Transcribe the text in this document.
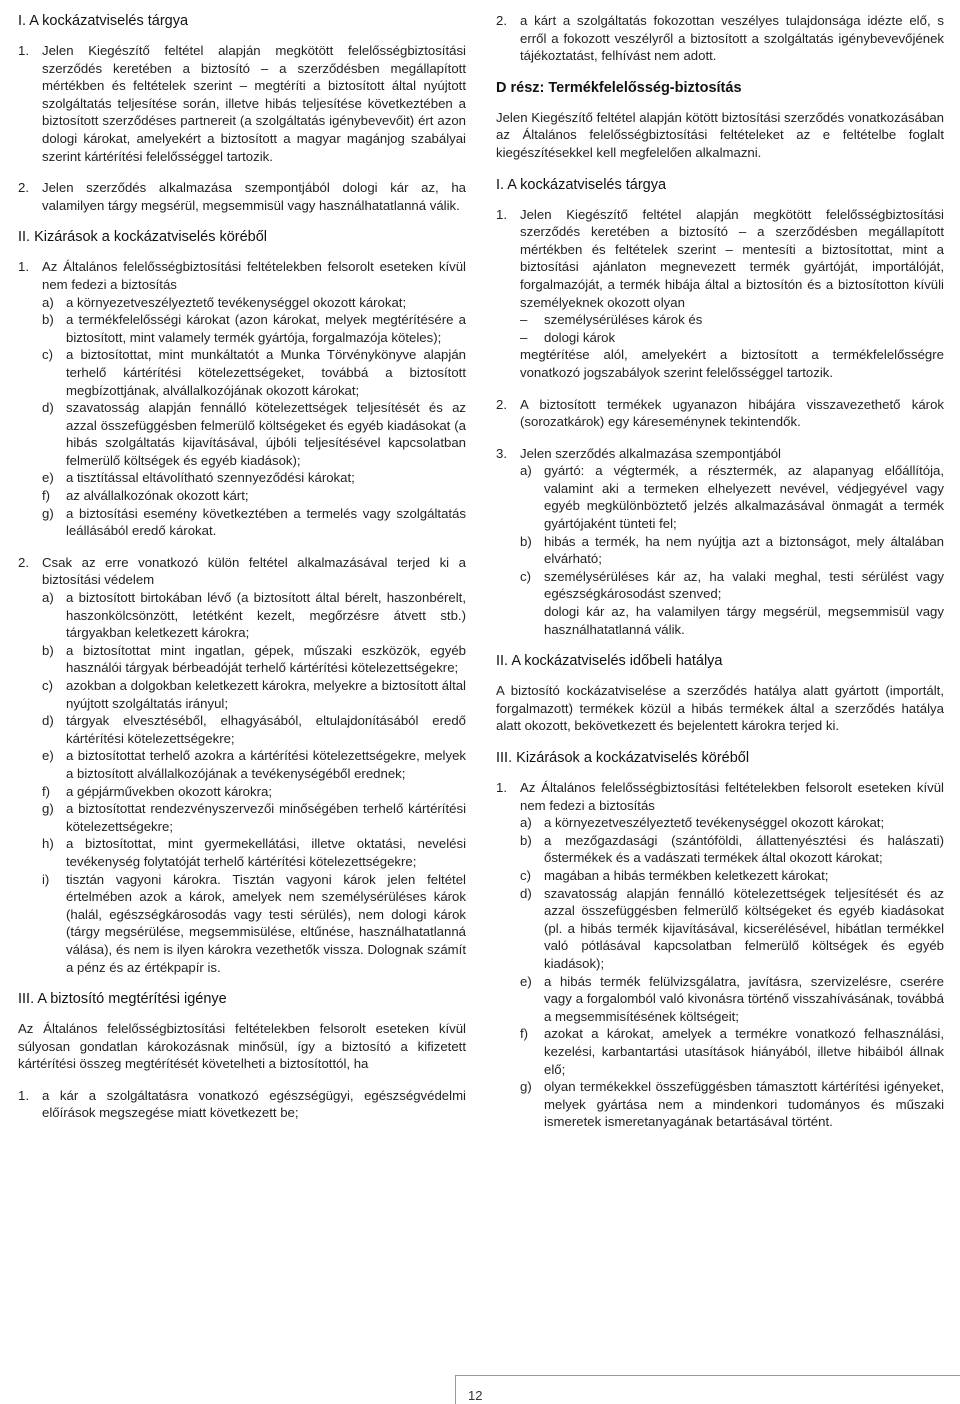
I. A kockázatviselés tárgya
1. Jelen Kiegészítő feltétel alapján megkötött felelősségbiztosítási szerződés keretében a biztosító – a szerződésben megállapított mértékben és feltételek szerint – megtéríti a biztosított által nyújtott szolgáltatás teljesítése során, illetve hibás teljesítése következtében a biztosított szerződéses partnereit (a szolgáltatás igénybevevőit) ért azon dologi károkat, amelyekért a biztosított a magyar magánjog szabályai szerint kártérítési felelősséggel tartozik.
2. Jelen szerződés alkalmazása szempontjából dologi kár az, ha valamilyen tárgy megsérül, megsemmisül vagy használhatatlanná válik.
II. Kizárások a kockázatviselés köréből
1. Az Általános felelősségbiztosítási feltételekben felsorolt eseteken kívül nem fedezi a biztosítás
a) a környezetveszélyeztető tevékenységgel okozott károkat;
b) a termékfelelősségi károkat (azon károkat, melyek megtérítésére a biztosított, mint valamely termék gyártója, forgalmazója köteles);
c) a biztosítottat, mint munkáltatót a Munka Törvénykönyve alapján terhelő kártérítési kötelezettségeket, továbbá a biztosított megbízottjának, alvállalkozójának okozott károkat;
d) szavatosság alapján fennálló kötelezettségek teljesítését és az azzal összefüggésben felmerülő költségeket és egyéb kiadásokat (a hibás szolgáltatás kijavításával, újbóli teljesítésével kapcsolatban felmerülő költségek és egyéb kiadások);
e) a tisztítással eltávolítható szennyeződési károkat;
f) az alvállalkozónak okozott kárt;
g) a biztosítási esemény következtében a termelés vagy szolgáltatás leállásából eredő károkat.
2. Csak az erre vonatkozó külön feltétel alkalmazásával terjed ki a biztosítási védelem
a) a biztosított birtokában lévő (a biztosított által bérelt, haszonbérelt, haszonkölcsönzött, letétként kezelt, megőrzésre átvett stb.) tárgyakban keletkezett károkra;
b) a biztosítottat mint ingatlan, gépek, műszaki eszközök, egyéb használói tárgyak bérbeadóját terhelő kártérítési kötelezettségekre;
c) azokban a dolgokban keletkezett károkra, melyekre a biztosított által nyújtott szolgáltatás irányul;
d) tárgyak elvesztéséből, elhagyásából, eltulajdonításából eredő kártérítési kötelezettségekre;
e) a biztosítottat terhelő azokra a kártérítési kötelezettségekre, melyek a biztosított alvállalkozójának a tevékenységéből erednek;
f) a gépjárművekben okozott károkra;
g) a biztosítottat rendezvényszervezői minőségében terhelő kártérítési kötelezettségekre;
h) a biztosítottat, mint gyermekellátási, illetve oktatási, nevelési tevékenység folytatóját terhelő kártérítési kötelezettségekre;
i) tisztán vagyoni károkra. Tisztán vagyoni károk jelen feltétel értelmében azok a károk, amelyek nem személysérüléses károk (halál, egészségkárosodás vagy testi sérülés), nem dologi károk (tárgy megsérülése, megsemmisülése, eltűnése, használhatatlanná válása), és nem is ilyen károkra vezethetők vissza. Dolognak számít a pénz és az értékpapír is.
III. A biztosító megtérítési igénye

Az Általános felelősségbiztosítási feltételekben felsorolt eseteken kívül súlyosan gondatlan károkozásnak minősül, így a biztosító a kifizetett kártérítési összeg megtérítését követelheti a biztosítottól, ha

1. a kár a szolgáltatásra vonatkozó egészségügyi, egészségvédelmi előírások megszegése miatt következett be;
2. a kárt a szolgáltatás fokozottan veszélyes tulajdonsága idézte elő, s erről a fokozott veszélyről a biztosított a szolgáltatás igénybevevőjének tájékoztatást, felhívást nem adott.
D rész: Termékfelelősség-biztosítás

Jelen Kiegészítő feltétel alapján kötött biztosítási szerződés vonatkozásában az Általános felelősségbiztosítási feltételeket az e feltételbe foglalt kiegészítésekkel kell megfelelően alkalmazni.

I. A kockázatviselés tárgya
1. Jelen Kiegészítő feltétel alapján megkötött felelősségbiztosítási szerződés keretében a biztosító – a szerződésben megállapított mértékben és feltételek szerint – mentesíti a biztosítottat, mint a biztosítási ajánlaton megnevezett termék gyártóját, importálóját, forgalmazóját, a termék hibája által a biztosítón és a biztosítotton kívüli személyeknek okozott olyan
– személysérüléses károk és
– dologi károk
megtérítése alól, amelyekért a biztosított a termékfelelősségre vonatkozó jogszabályok szerint felelősséggel tartozik.
2. A biztosított termékek ugyanazon hibájára visszavezethető károk (sorozatkárok) egy káreseménynek tekintendők.
3. Jelen szerződés alkalmazása szempontjából
a) gyártó: a végtermék, a résztermék, az alapanyag előállítója, valamint aki a termeken elhelyezett nevével, védjegyével vagy egyéb megkülönböztető jelzés alkalmazásával önmagát a termék gyártójaként tünteti fel;
b) hibás a termék, ha nem nyújtja azt a biztonságot, mely általában elvárható;
c) személysérüléses kár az, ha valaki meghal, testi sérülést vagy egészségkárosodást szenved;
dologi kár az, ha valamilyen tárgy megsérül, megsemmisül vagy használhatatlanná válik.
II. A kockázatviselés időbeli hatálya

A biztosító kockázatviselése a szerződés hatálya alatt gyártott (importált, forgalmazott) termékek közül a hibás termékek által a szerződés hatálya alatt okozott, bekövetkezett és bejelentett károkra terjed ki.

III. Kizárások a kockázatviselés köréből
1. Az Általános felelősségbiztosítási feltételekben felsorolt eseteken kívül nem fedezi a biztosítás
a) a környezetveszélyeztető tevékenységgel okozott károkat;
b) a mezőgazdasági (szántóföldi, állattenyésztési és halászati) őstermékek és a vadászati termékek által okozott károkat;
c) magában a hibás termékben keletkezett károkat;
d) szavatosság alapján fennálló kötelezettségek teljesítését és az azzal összefüggésben felmerülő költségeket és egyéb kiadásokat (pl. a hibás termék kijavításával, kicserélésével, hibátlan termékkel való pótlásával kapcsolatban felmerülő költségek és egyéb kiadások);
e) a hibás termék felülvizsgálatra, javításra, szervizelésre, cserére vagy a forgalomból való kivonásra történő visszahívásának, továbbá a megsemmisítésének költségeit;
f) azokat a károkat, amelyek a termékre vonatkozó felhasználási, kezelési, karbantartási utasítások hiányából, illetve hibáiból állnak elő;
g) olyan termékekkel összefüggésben támasztott kártérítési igényeket, melyek gyártása nem a mindenkori tudományos és műszaki ismeretek ismeretanyagának betartásával történt.
12
